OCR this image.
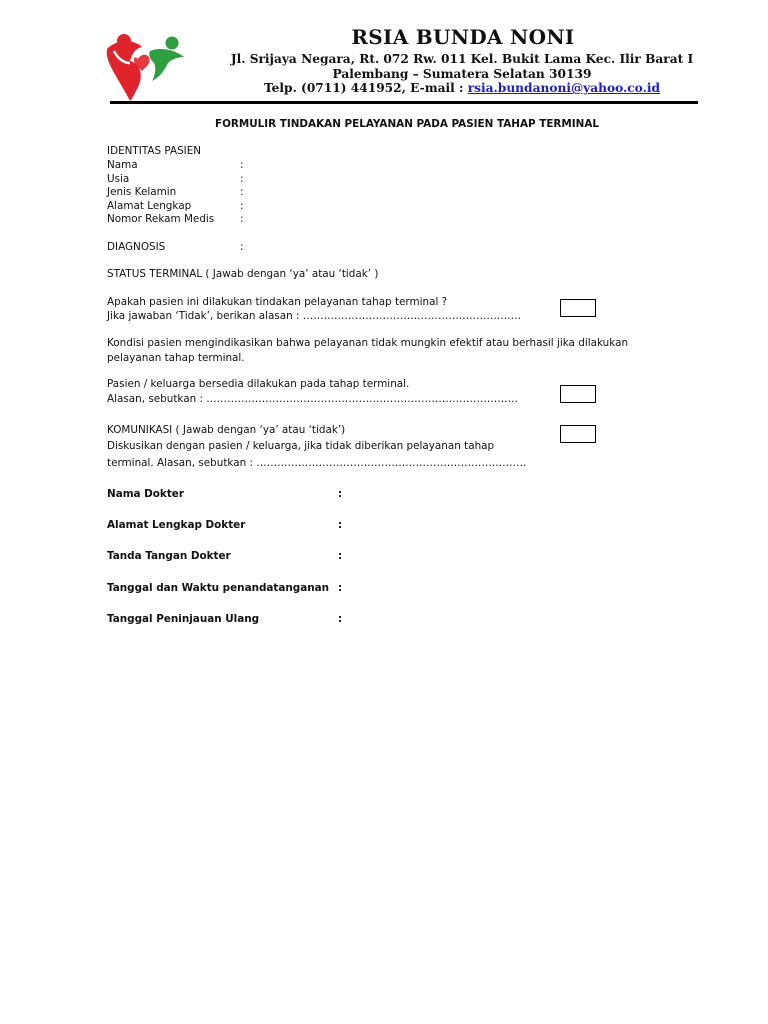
RSIA BUNDA NONI
Jl. Srijaya Negara, Rt. 072 Rw. 011 Kel. Bukit Lama Kec. Ilir Barat I
Palembang – Sumatera Selatan 30139
Telp. (0711) 441952, E-mail : rsia.bundanoni@yahoo.co.id
FORMULIR TINDAKAN PELAYANAN PADA PASIEN TAHAP TERMINAL
IDENTITAS PASIEN
Nama	:
Usia	:
Jenis Kelamin	:
Alamat Lengkap	:
Nomor Rekam Medis :
DIAGNOSIS	:
STATUS TERMINAL ( Jawab dengan ‘ya’ atau ‘tidak’ )
Apakah pasien ini dilakukan tindakan pelayanan tahap terminal ?
Jika jawaban ‘Tidak’, berikan alasan : ………………………………………………………
Kondisi pasien mengindikasikan bahwa pelayanan tidak mungkin efektif atau berhasil jika dilakukan
pelayanan tahap terminal.
Pasien / keluarga bersedia dilakukan pada tahap terminal.
Alasan, sebutkan : ………………………………………………………………………………
KOMUNIKASI ( Jawab dengan ‘ya’ atau ‘tidak’)
Diskusikan dengan pasien / keluarga, jika tidak diberikan pelayanan tahap
terminal. Alasan, sebutkan : ……………………………………………………………………
Nama Dokter	:
Alamat Lengkap Dokter	:
Tanda Tangan Dokter	:
Tanggal dan Waktu penandatanganan :
Tanggal Peninjauan Ulang	:
